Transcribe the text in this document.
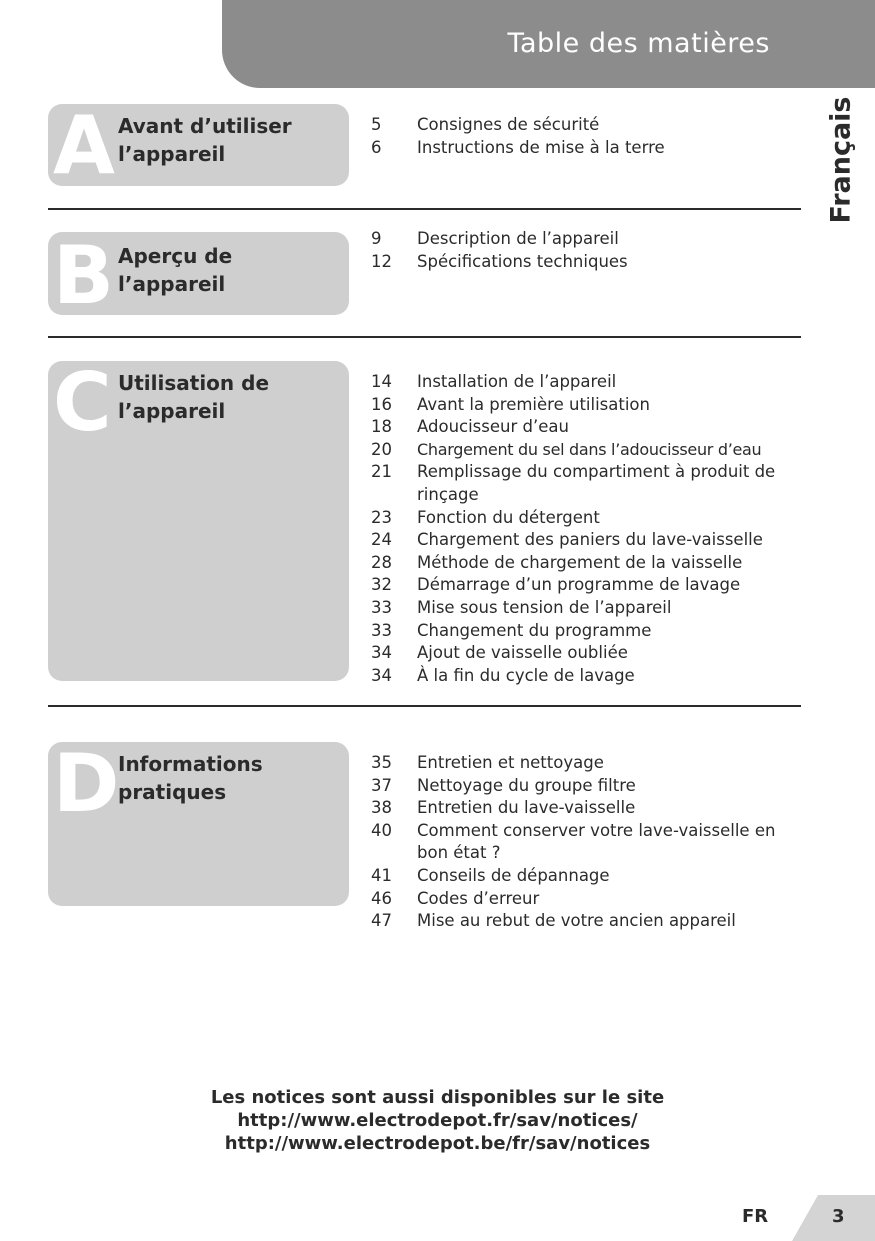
Table des matières
Français
A Avant d’utiliser l’appareil
5 Consignes de sécurité
6 Instructions de mise à la terre
B Aperçu de l’appareil
9 Description de l’appareil
12 Spécifications techniques
C Utilisation de l’appareil
14 Installation de l’appareil
16 Avant la première utilisation
18 Adoucisseur d’eau
20 Chargement du sel dans l’adoucisseur d’eau
21 Remplissage du compartiment à produit de rinçage
23 Fonction du détergent
24 Chargement des paniers du lave-vaisselle
28 Méthode de chargement de la vaisselle
32 Démarrage d’un programme de lavage
33 Mise sous tension de l’appareil
33 Changement du programme
34 Ajout de vaisselle oubliée
34 À la fin du cycle de lavage
D
Informations pratiques
35 Entretien et nettoyage
37 Nettoyage du groupe filtre
38 Entretien du lave-vaisselle
40 Comment conserver votre lave-vaisselle en bon état ?
41 Conseils de dépannage
46 Codes d’erreur
47 Mise au rebut de votre ancien appareil
Les notices sont aussi disponibles sur le site
http://www.electrodepot.fr/sav/notices/
http://www.electrodepot.be/fr/sav/notices
FR	3
